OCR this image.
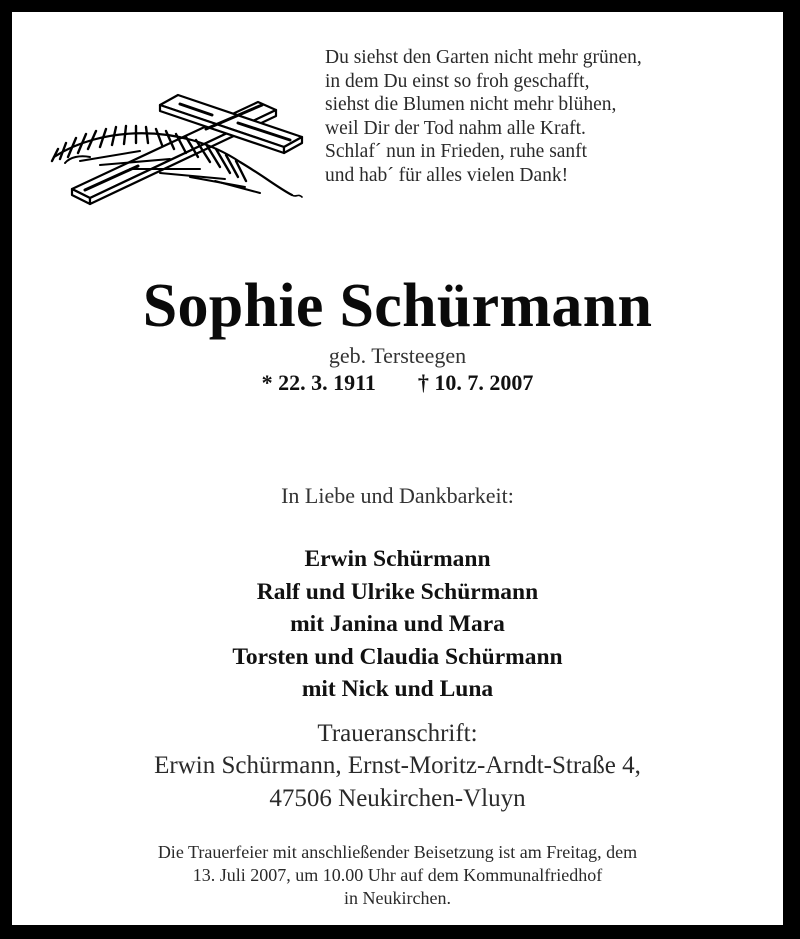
Du siehst den Garten nicht mehr grünen,
in dem Du einst so froh geschafft,
siehst die Blumen nicht mehr blühen,
weil Dir der Tod nahm alle Kraft.
Schlaf´ nun in Frieden, ruhe sanft
und hab´ für alles vielen Dank!
Sophie Schürmann
geb. Tersteegen
* 22. 3. 1911 † 10. 7. 2007
In Liebe und Dankbarkeit:
Erwin Schürmann
Ralf und Ulrike Schürmann
mit Janina und Mara
Torsten und Claudia Schürmann
mit Nick und Luna
Traueranschrift:
Erwin Schürmann, Ernst-Moritz-Arndt-Straße 4,
47506 Neukirchen-Vluyn
Die Trauerfeier mit anschließender Beisetzung ist am Freitag, dem
13. Juli 2007, um 10.00 Uhr auf dem Kommunalfriedhof
in Neukirchen.
